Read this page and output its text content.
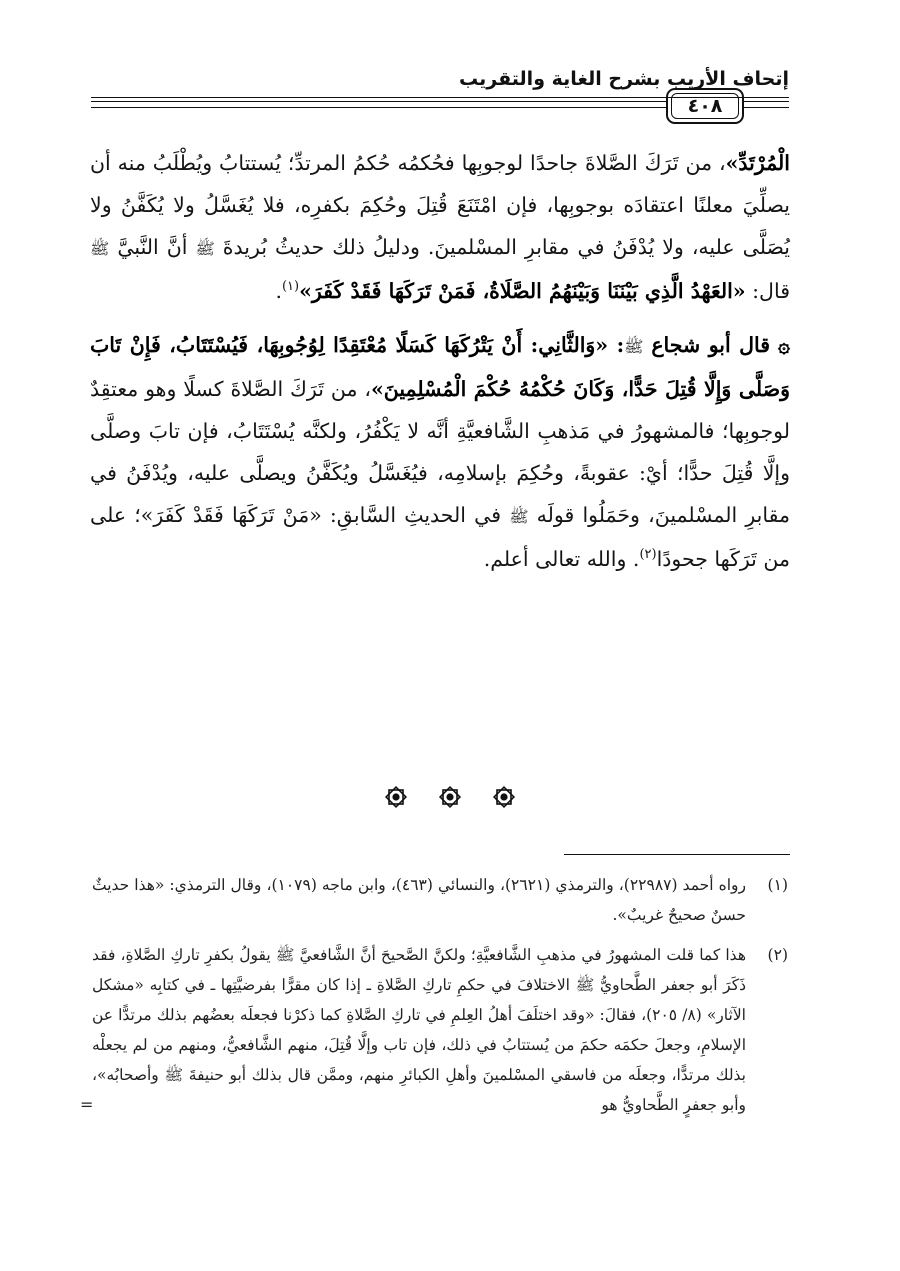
إتحاف الأريب بشرح الغاية والتقريب
٤٠٨

الْمُرْتَدِّ»، من تَرَكَ الصَّلاةَ جاحدًا لوجوبِها فحُكمُه حُكمُ المرتدِّ؛ يُستتابُ ويُطْلَبُ منه أن يصلِّيَ معلنًا اعتقادَه بوجوبِها، فإن امْتَنَعَ قُتِلَ وحُكِمَ بكفرِه، فلا يُغَسَّلُ ولا يُكَفَّنُ ولا يُصَلَّى عليه، ولا يُدْفَنُ في مقابرِ المسْلمينَ. ودليلُ ذلك حديثُ بُريدةَ ﷺ أنَّ النَّبيَّ ﷺ قال: «العَهْدُ الَّذِي بَيْنَنَا وَبَيْنَهُمُ الصَّلَاةُ، فَمَنْ تَرَكَهَا فَقَدْ كَفَرَ»$^{(١)}$.

۞ قال أبو شجاع ﷺ: «وَالثَّانِي: أَنْ يَتْرُكَهَا كَسَلًا مُعْتَقِدًا لِوُجُوبِهَا، فَيُسْتَتَابُ، فَإِنْ تَابَ وَصَلَّى وَإِلَّا قُتِلَ حَدًّا، وَكَانَ حُكْمُهُ حُكْمَ الْمُسْلِمِينَ»، من تَرَكَ الصَّلاةَ كسلًا وهو معتقِدٌ لوجوبِها؛ فالمشهورُ في مَذهبِ الشَّافعيَّةِ أنَّه لا يَكْفُرُ، ولكنَّه يُسْتَتَابُ، فإن تابَ وصلَّى وإلَّا قُتِلَ حدًّا؛ أيْ: عقوبةً، وحُكِمَ بإسلامِه، فيُغَسَّلُ ويُكَفَّنُ ويصلَّى عليه، ويُدْفَنُ في مقابرِ المسْلمينَ، وحَمَلُوا قولَه ﷺ في الحديثِ السَّابقِ: «مَنْ تَرَكَهَا فَقَدْ كَفَرَ»؛ على من تَرَكَها جحودًا$^{(٢)}$. والله تعالى أعلم.

(١)
رواه أحمد (٢٢٩٨٧)، والترمذي (٢٦٢١)، والنسائي (٤٦٣)، وابن ماجه (١٠٧٩)، وقال الترمذي: «هذا حديثٌ حسنٌ صحيحٌ غريبٌ».
(٢)
هذا كما قلت المشهورُ في مذهبِ الشَّافعيَّةِ؛ ولكنَّ الصَّحيحَ أنَّ الشَّافعيَّ ﷺ يقولُ بكفرِ تاركِ الصَّلاةِ، فقد ذَكَرَ أبو جعفر الطَّحاويُّ ﷺ الاختلافَ في حكمِ تاركِ الصَّلاةِ ـ إذا كان مقرًّا بفرضيَّتِها ـ في كتابِه «مشكل الآثار» (٨/ ٢٠٥)، فقالَ: «وقد اختلَفَ أهلُ العِلمِ في تاركِ الصَّلاةِ كما ذكرْنا فجعلَه بعضُهم بذلك مرتدًّا عن الإسلامِ، وجعلَ حكمَه حكمَ من يُستتابُ في ذلك، فإن تاب وإلَّا قُتِلَ، منهم الشَّافعيُّ، ومنهم من لم يجعلْه بذلك مرتدًّا، وجعلَه من فاسقي المسْلمينَ وأهلِ الكبائرِ منهم، وممَّن قال بذلك أبو حنيفةَ ﷺ وأصحابُه»، وأبو جعفرٍ الطَّحاويُّ هو
=
